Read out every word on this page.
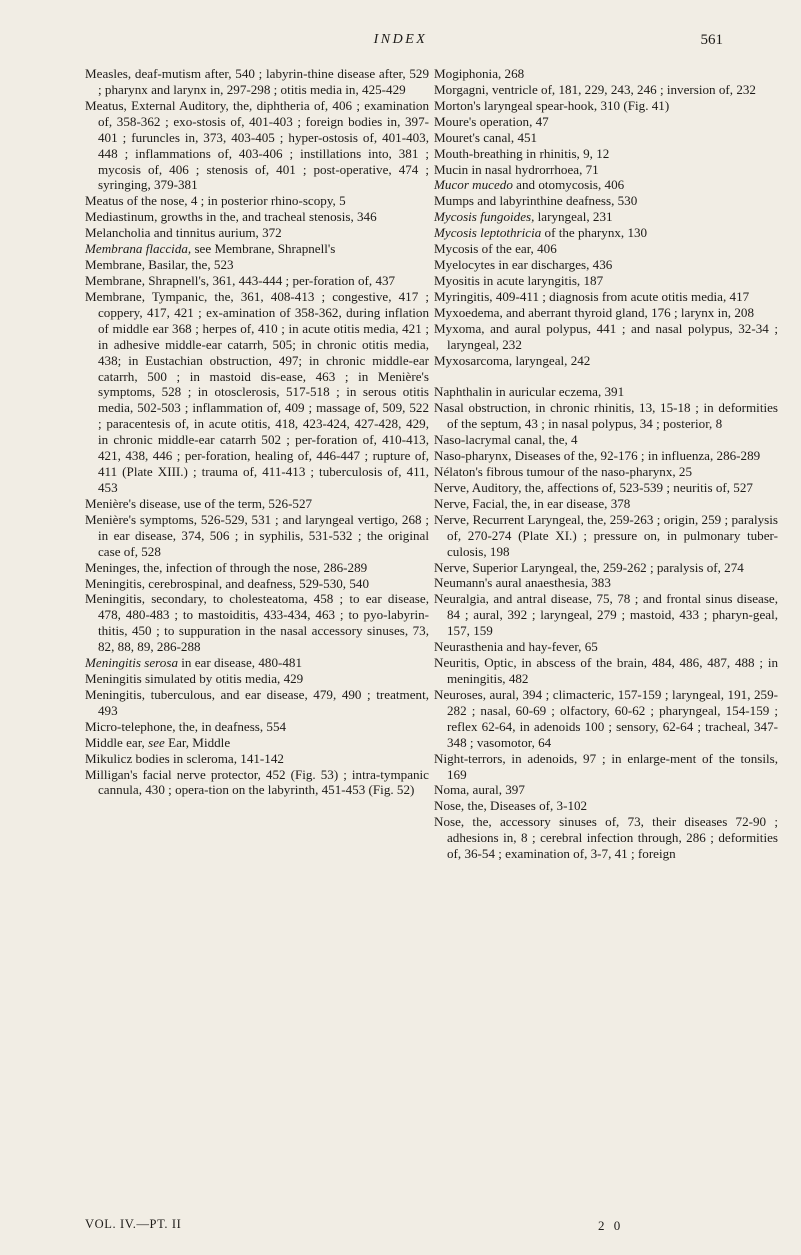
INDEX	561
Measles, deaf-mutism after, 540 ; labyrin-thine disease after, 529 ; pharynx and larynx in, 297-298 ; otitis media in, 425-429
Meatus, External Auditory, the, diphtheria of, 406 ; examination of, 358-362 ; exo-stosis of, 401-403 ; foreign bodies in, 397-401 ; furuncles in, 373, 403-405 ; hyper-ostosis of, 401-403, 448 ; inflammations of, 403-406 ; instillations into, 381 ; mycosis of, 406 ; stenosis of, 401 ; post-operative, 474 ; syringing, 379-381
Meatus of the nose, 4 ; in posterior rhino-scopy, 5
Mediastinum, growths in the, and tracheal stenosis, 346
Melancholia and tinnitus aurium, 372
Membrana flaccida, see Membrane, Shrapnell's
Membrane, Basilar, the, 523
Membrane, Shrapnell's, 361, 443-444 ; per-foration of, 437
Membrane, Tympanic, the, 361, 408-413 ; congestive, 417 ; coppery, 417, 421 ; ex-amination of 358-362, during inflation of middle ear 368 ; herpes of, 410 ; in acute otitis media, 421 ; in adhesive middle-ear catarrh, 505; in chronic otitis media, 438; in Eustachian obstruction, 497; in chronic middle-ear catarrh, 500 ; in mastoid dis-ease, 463 ; in Menière's symptoms, 528 ; in otosclerosis, 517-518 ; in serous otitis media, 502-503 ; inflammation of, 409 ; massage of, 509, 522 ; paracentesis of, in acute otitis, 418, 423-424, 427-428, 429, in chronic middle-ear catarrh 502 ; per-foration of, 410-413, 421, 438, 446 ; per-foration, healing of, 446-447 ; rupture of, 411 (Plate XIII.) ; trauma of, 411-413 ; tuberculosis of, 411, 453
Menière's disease, use of the term, 526-527
Menière's symptoms, 526-529, 531 ; and laryngeal vertigo, 268 ; in ear disease, 374, 506 ; in syphilis, 531-532 ; the original case of, 528
Meninges, the, infection of through the nose, 286-289
Meningitis, cerebrospinal, and deafness, 529-530, 540
Meningitis, secondary, to cholesteatoma, 458 ; to ear disease, 478, 480-483 ; to mastoiditis, 433-434, 463 ; to pyo-labyrin-thitis, 450 ; to suppuration in the nasal accessory sinuses, 73, 82, 88, 89, 286-288
Meningitis serosa in ear disease, 480-481
Meningitis simulated by otitis media, 429
Meningitis, tuberculous, and ear disease, 479, 490 ; treatment, 493
Micro-telephone, the, in deafness, 554
Middle ear, see Ear, Middle
Mikulicz bodies in scleroma, 141-142
Milligan's facial nerve protector, 452 (Fig. 53) ; intra-tympanic cannula, 430 ; opera-tion on the labyrinth, 451-453 (Fig. 52)
Mogiphonia, 268
Morgagni, ventricle of, 181, 229, 243, 246 ; inversion of, 232
Morton's laryngeal spear-hook, 310 (Fig. 41)
Moure's operation, 47
Mouret's canal, 451
Mouth-breathing in rhinitis, 9, 12
Mucin in nasal hydrorrhoea, 71
Mucor mucedo and otomycosis, 406
Mumps and labyrinthine deafness, 530
Mycosis fungoides, laryngeal, 231
Mycosis leptothricia of the pharynx, 130
Mycosis of the ear, 406
Myelocytes in ear discharges, 436
Myositis in acute laryngitis, 187
Myringitis, 409-411 ; diagnosis from acute otitis media, 417
Myxoedema, and aberrant thyroid gland, 176 ; larynx in, 208
Myxoma, and aural polypus, 441 ; and nasal polypus, 32-34 ; laryngeal, 232
Myxosarcoma, laryngeal, 242
Naphthalin in auricular eczema, 391
Nasal obstruction, in chronic rhinitis, 13, 15-18 ; in deformities of the septum, 43 ; in nasal polypus, 34 ; posterior, 8
Naso-lacrymal canal, the, 4
Naso-pharynx, Diseases of the, 92-176 ; in influenza, 286-289
Nélaton's fibrous tumour of the naso-pharynx, 25
Nerve, Auditory, the, affections of, 523-539 ; neuritis of, 527
Nerve, Facial, the, in ear disease, 378
Nerve, Recurrent Laryngeal, the, 259-263 ; origin, 259 ; paralysis of, 270-274 (Plate XI.) ; pressure on, in pulmonary tuber-culosis, 198
Nerve, Superior Laryngeal, the, 259-262 ; paralysis of, 274
Neumann's aural anaesthesia, 383
Neuralgia, and antral disease, 75, 78 ; and frontal sinus disease, 84 ; aural, 392 ; laryngeal, 279 ; mastoid, 433 ; pharyn-geal, 157, 159
Neurasthenia and hay-fever, 65
Neuritis, Optic, in abscess of the brain, 484, 486, 487, 488 ; in meningitis, 482
Neuroses, aural, 394 ; climacteric, 157-159 ; laryngeal, 191, 259-282 ; nasal, 60-69 ; olfactory, 60-62 ; pharyngeal, 154-159 ; reflex 62-64, in adenoids 100 ; sensory, 62-64 ; tracheal, 347-348 ; vasomotor, 64
Night-terrors, in adenoids, 97 ; in enlarge-ment of the tonsils, 169
Noma, aural, 397
Nose, the, Diseases of, 3-102
Nose, the, accessory sinuses of, 73, their diseases 72-90 ; adhesions in, 8 ; cerebral infection through, 286 ; deformities of, 36-54 ; examination of, 3-7, 41 ; foreign
VOL. IV.—PT. II	2 0
